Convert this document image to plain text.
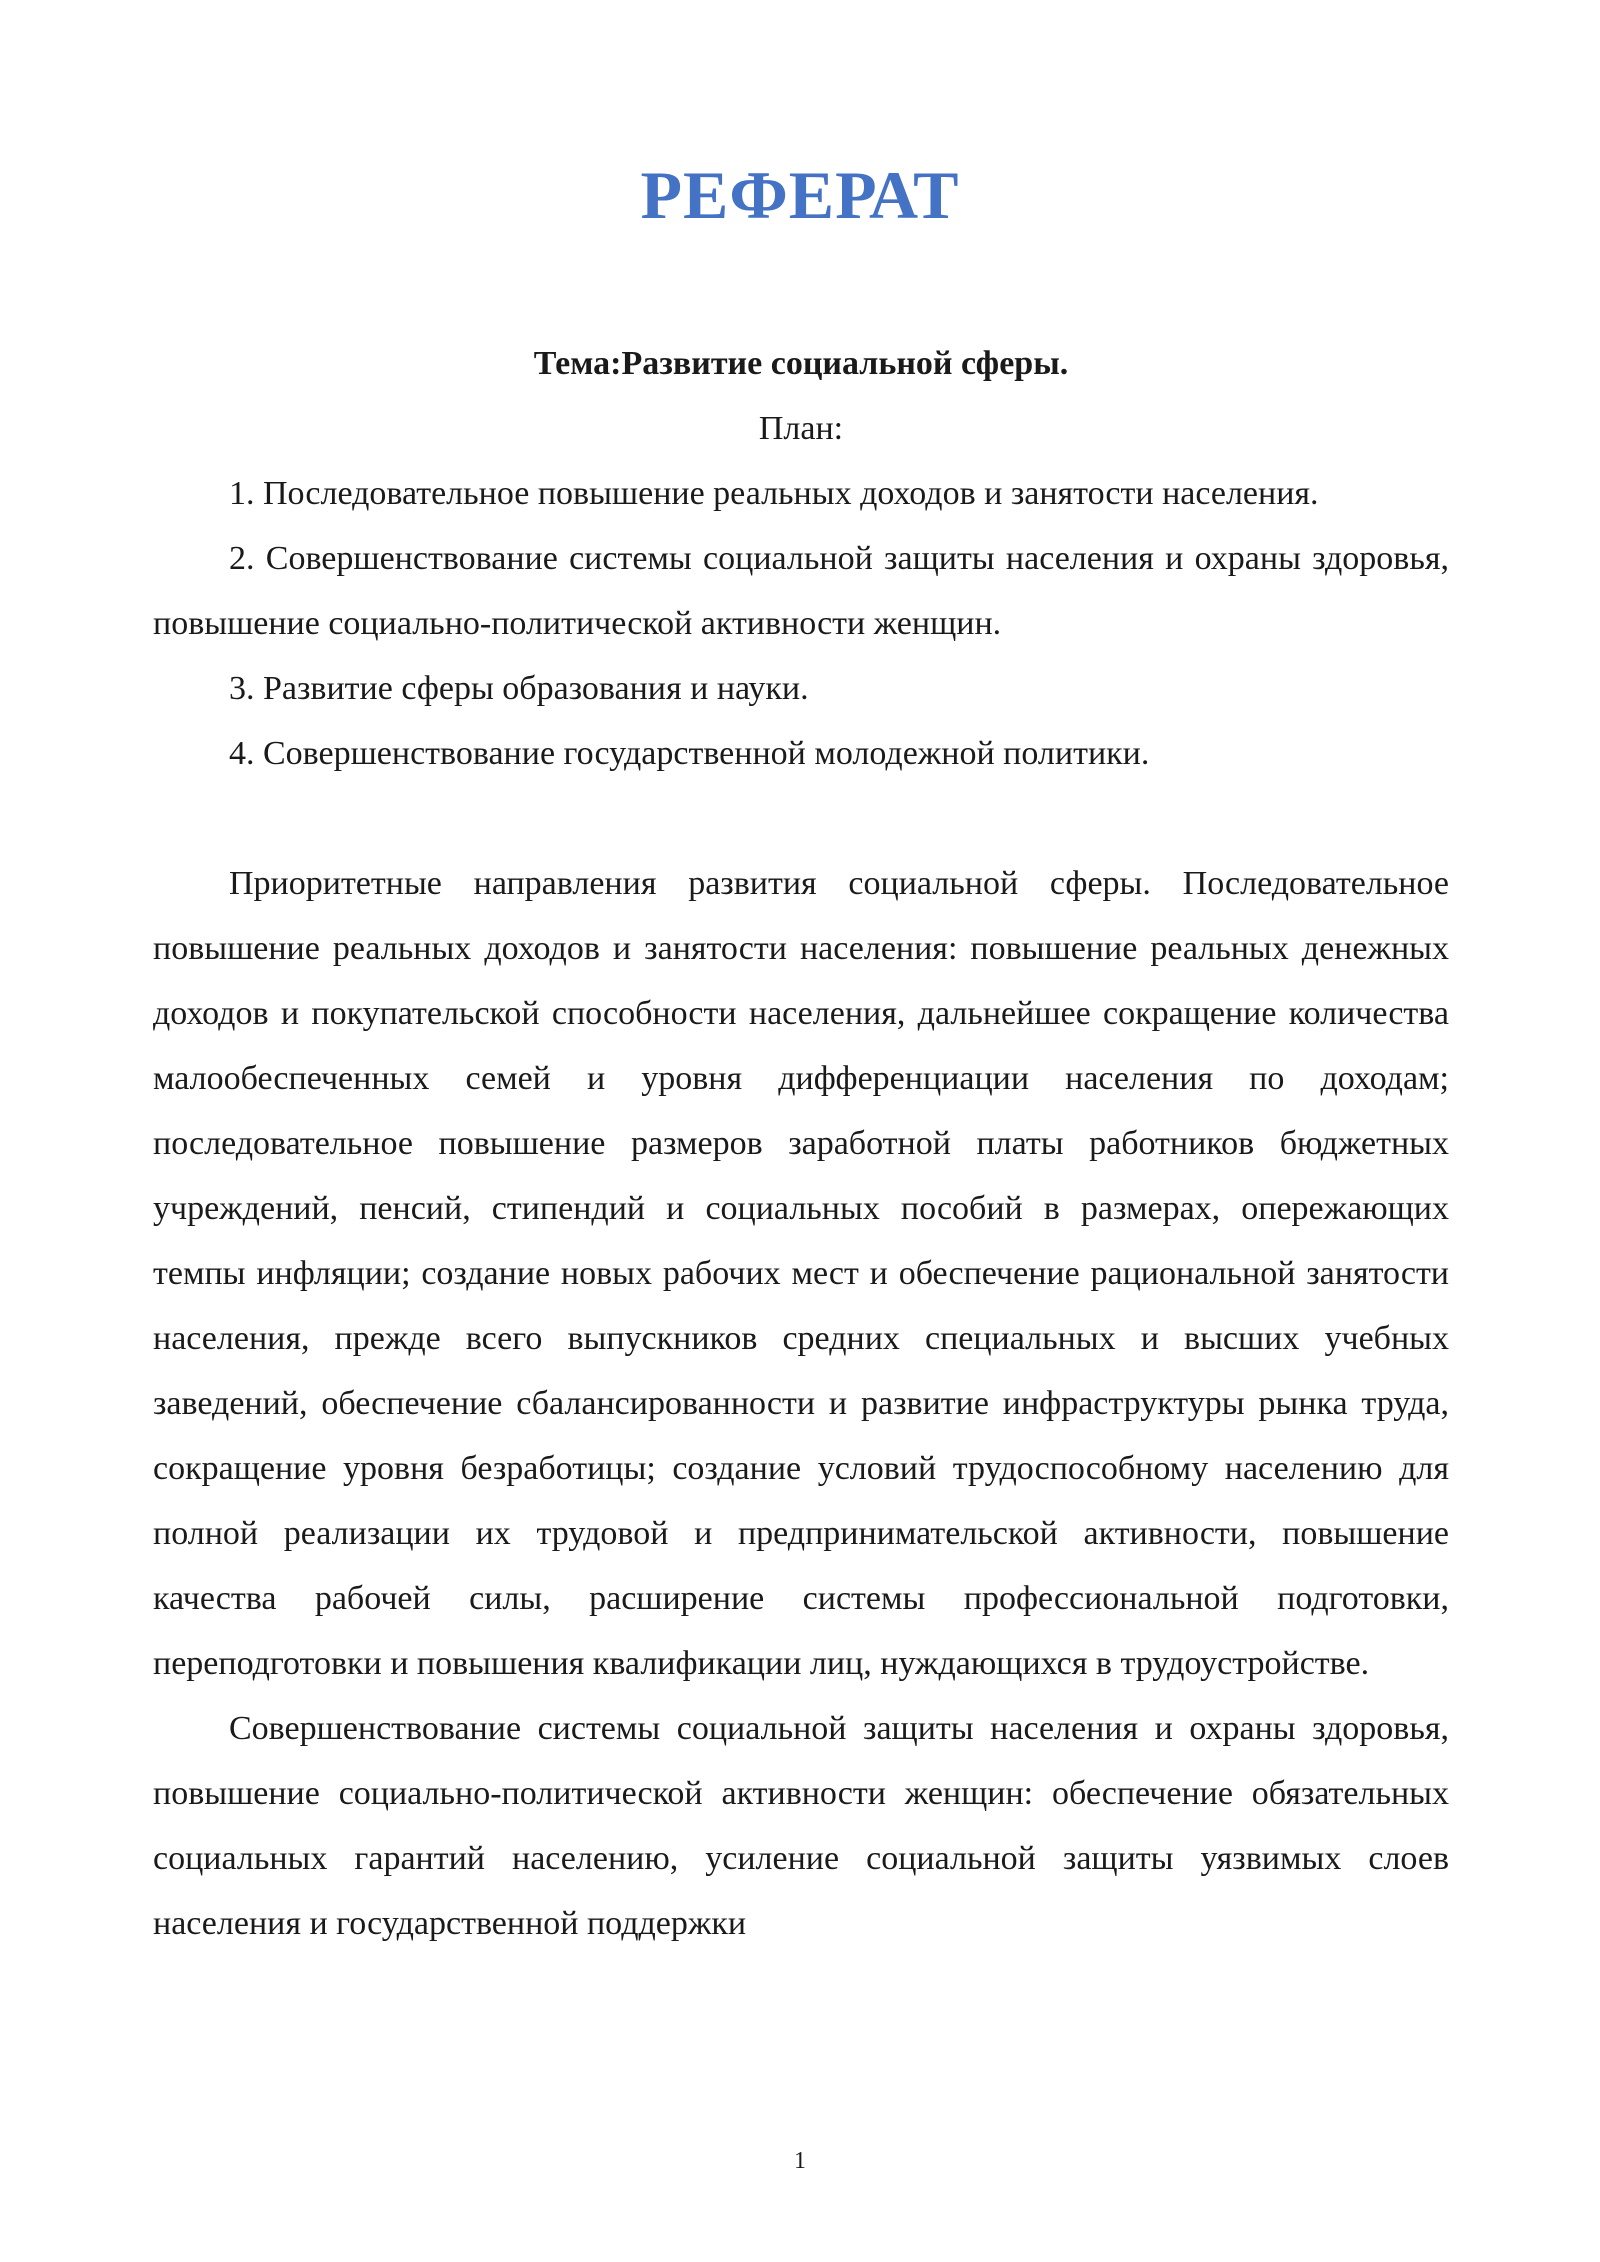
РЕФЕРАТ

Тема:Развитие социальной сферы.

План:

1. Последовательное повышение реальных доходов и занятости населения.

2. Совершенствование системы социальной защиты населения и охраны здоровья, повышение социально-политической активности женщин.

3. Развитие сферы образования и науки.

4. Совершенствование государственной молодежной политики.

Приоритетные направления развития социальной сферы. Последовательное повышение реальных доходов и занятости населения: повышение реальных денежных доходов и покупательской способности населения, дальнейшее сокращение количества малообеспеченных семей и уровня дифференциации населения по доходам; последовательное повышение размеров заработной платы работников бюджетных учреждений, пенсий, стипендий и социальных пособий в размерах, опережающих темпы инфляции; создание новых рабочих мест и обеспечение рациональной занятости населения, прежде всего выпускников средних специальных и высших учебных заведений, обеспечение сбалансированности и развитие инфраструктуры рынка труда, сокращение уровня безработицы; создание условий трудоспособному населению для полной реализации их трудовой и предпринимательской активности, повышение качества рабочей силы, расширение системы профессиональной подготовки, переподготовки и повышения квалификации лиц, нуждающихся в трудоустройстве.

Совершенствование системы социальной защиты населения и охраны здоровья, повышение социально-политической активности женщин: обеспечение обязательных социальных гарантий населению, усиление социальной защиты уязвимых слоев населения и государственной поддержки

1
